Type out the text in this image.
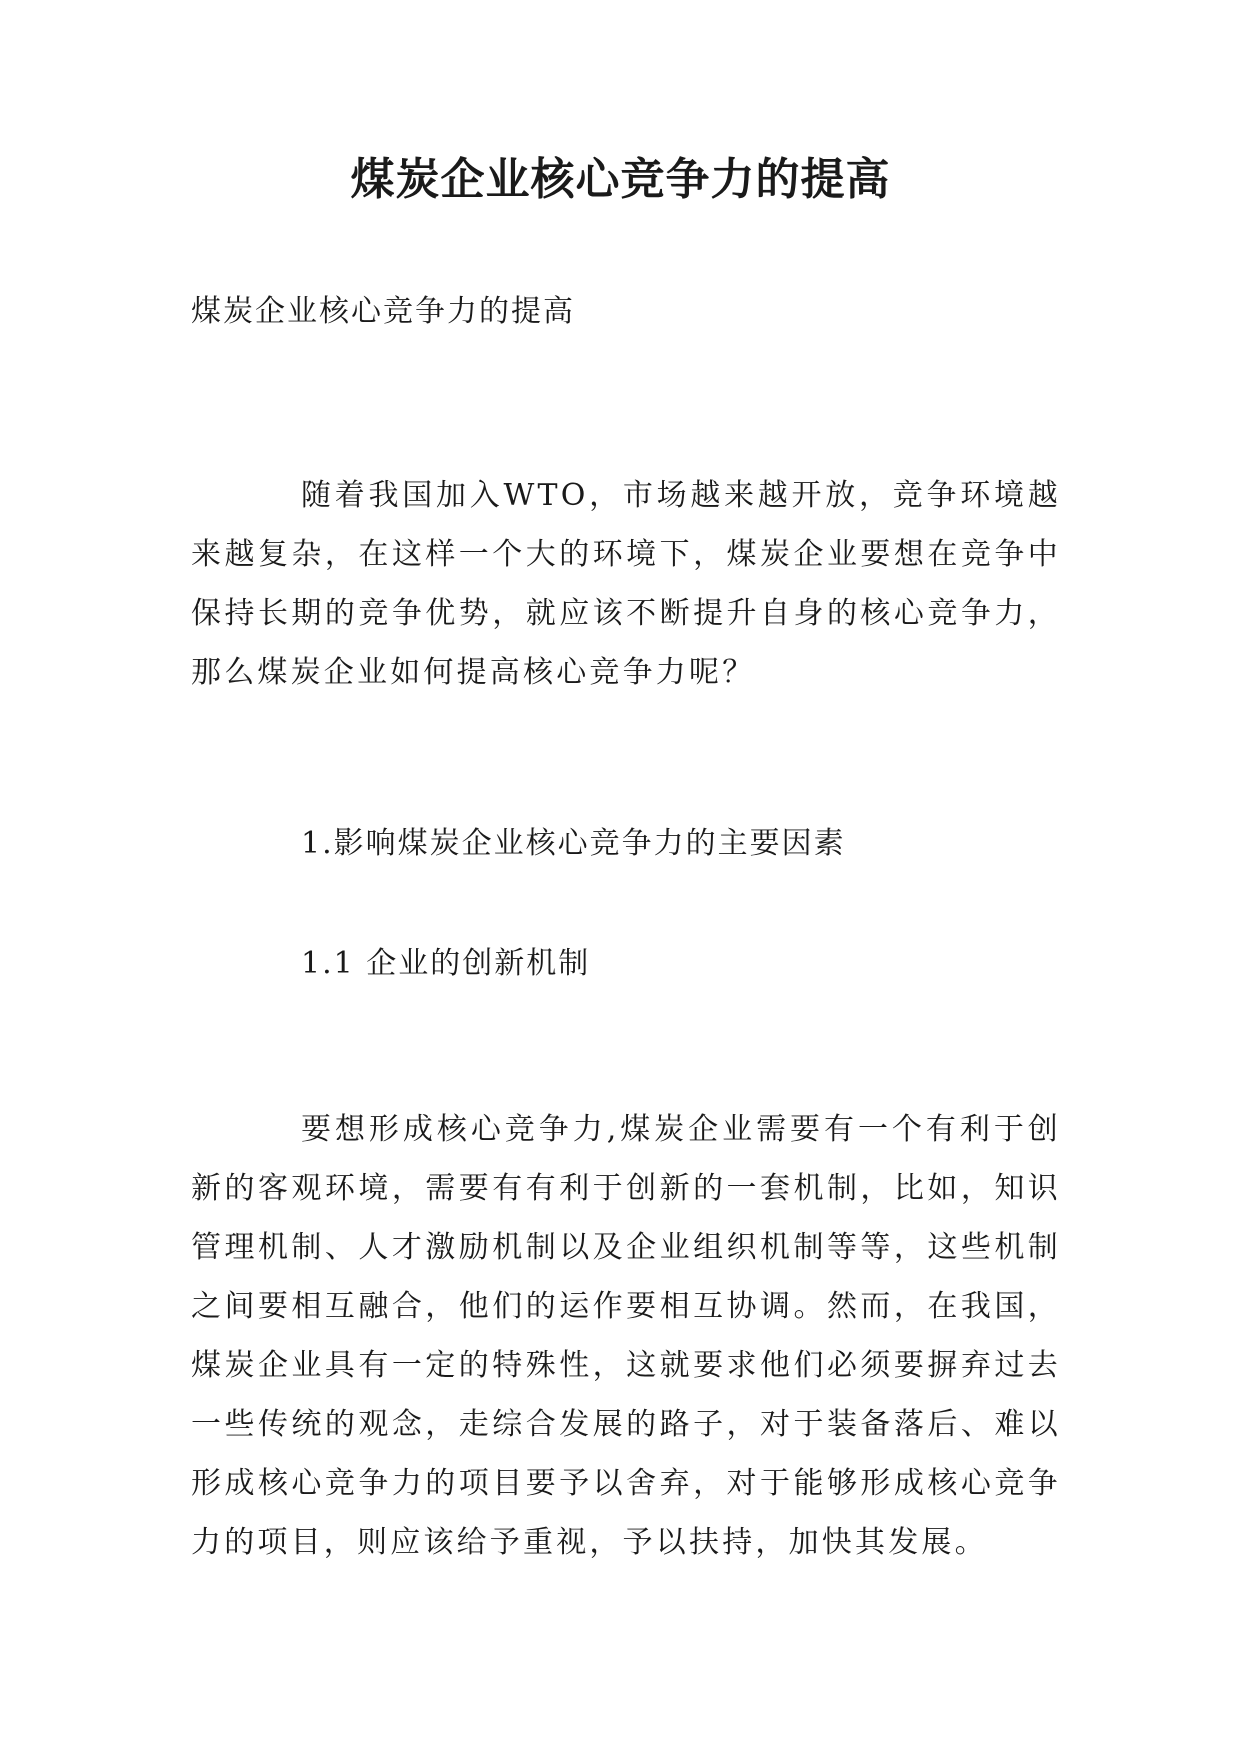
煤炭企业核心竞争力的提高

煤炭企业核心竞争力的提高

随着我国加入WTO，市场越来越开放，竞争环境越来越复杂，在这样一个大的环境下，煤炭企业要想在竞争中保持长期的竞争优势，就应该不断提升自身的核心竞争力，那么煤炭企业如何提高核心竞争力呢？

1.影响煤炭企业核心竞争力的主要因素

1.1 企业的创新机制

要想形成核心竞争力,煤炭企业需要有一个有利于创新的客观环境，需要有有利于创新的一套机制，比如，知识管理机制、人才激励机制以及企业组织机制等等，这些机制之间要相互融合，他们的运作要相互协调。然而，在我国，煤炭企业具有一定的特殊性，这就要求他们必须要摒弃过去一些传统的观念，走综合发展的路子，对于装备落后、难以形成核心竞争力的项目要予以舍弃，对于能够形成核心竞争力的项目，则应该给予重视，予以扶持，加快其发展。
